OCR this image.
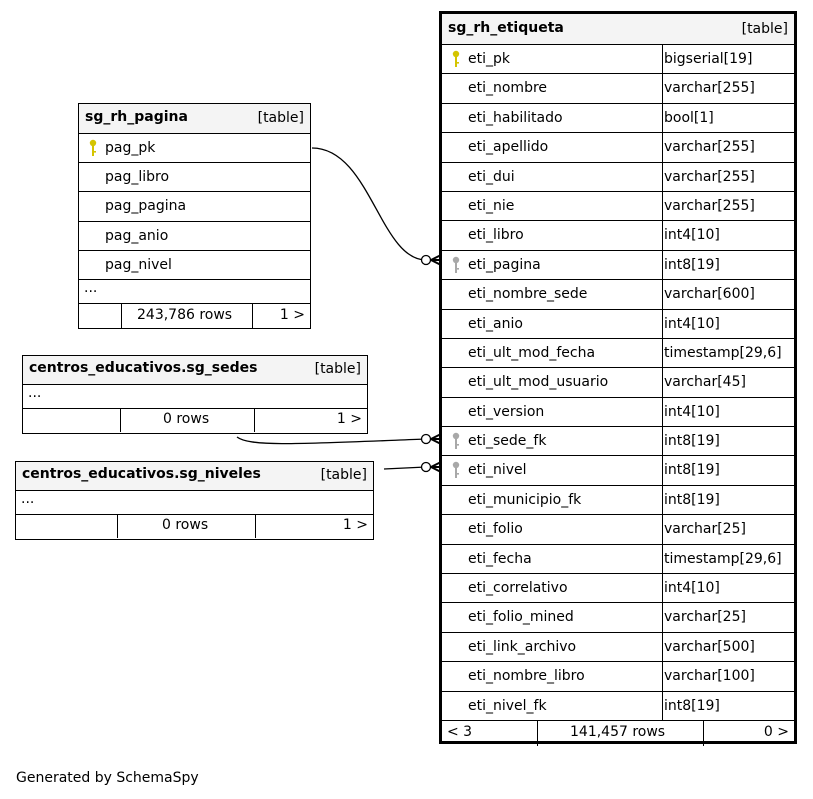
sg_rh_etiqueta	[table]
eti_pk	bigserial[19]
eti_nombre	varchar[255]
eti_habilitado	bool[1]
eti_apellido	varchar[255]
eti_dui	varchar[255]
eti_nie	varchar[255]
eti_libro	int4[10]
eti_pagina	int8[19]
eti_nombre_sede	varchar[600]
eti_anio	int4[10]
eti_ult_mod_fecha	timestamp[29,6]
eti_ult_mod_usuario	varchar[45]
eti_version	int4[10]
eti_sede_fk	int8[19]
eti_nivel	int8[19]
eti_municipio_fk	int8[19]
eti_folio	varchar[25]
eti_fecha	timestamp[29,6]
eti_correlativo	int4[10]
eti_folio_mined	varchar[25]
eti_link_archivo	varchar[500]
eti_nombre_libro	varchar[100]
eti_nivel_fk	int8[19]
< 3	141,457 rows	0 >
sg_rh_pagina	[table]
pag_pk
pag_libro
pag_pagina
pag_anio
pag_nivel
...
243,786 rows	1 >
centros_educativos.sg_sedes	[table]
...
0 rows	1 >
centros_educativos.sg_niveles	[table]
...
0 rows	1 >
Generated by SchemaSpy
